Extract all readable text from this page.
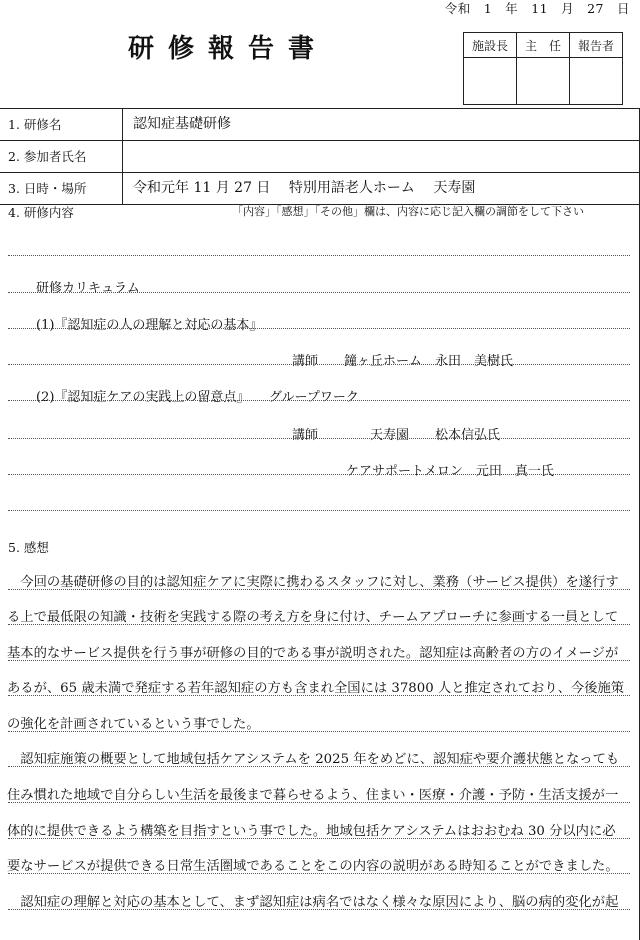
令和　1　年　11　月　27　日
研修報告書	施設長	主　任	報告者

1. 研修名	認知症基礎研修
2. 参加者氏名
3. 日時・場所	令和元年 11 月 27 日　 特別用語老人ホーム　 天寿園
4. 研修内容	「内容」「感想」「その他」欄は、内容に応じ記入欄の調節をして下さい
研修カリキュラム
(1)『認知症の人の理解と対応の基本』
講師　　鐘ヶ丘ホーム　永田　美樹氏
(2)『認知症ケアの実践上の留意点』　　グループワーク
講師　　　　天寿園　　松本信弘氏
ケアサポートメロン　元田　真一氏
5. 感想
　今回の基礎研修の目的は認知症ケアに実際に携わるスタッフに対し、業務（サービス提供）を遂行す
る上で最低限の知識・技術を実践する際の考え方を身に付け、チームアプローチに参画する一員として
基本的なサービス提供を行う事が研修の目的である事が説明された。認知症は高齢者の方のイメージが
あるが、65 歳未満で発症する若年認知症の方も含まれ全国には 37800 人と推定されており、今後施策
の強化を計画されているという事でした。
　認知症施策の概要として地域包括ケアシステムを 2025 年をめどに、認知症や要介護状態となっても
住み慣れた地域で自分らしい生活を最後まで暮らせるよう、住まい・医療・介護・予防・生活支援が一
体的に提供できるよう構築を目指すという事でした。地域包括ケアシステムはおおむね 30 分以内に必
要なサービスが提供できる日常生活圏域であることをこの内容の説明がある時知ることができました。
　認知症の理解と対応の基本として、まず認知症は病名ではなく様々な原因により、脳の病的変化が起
